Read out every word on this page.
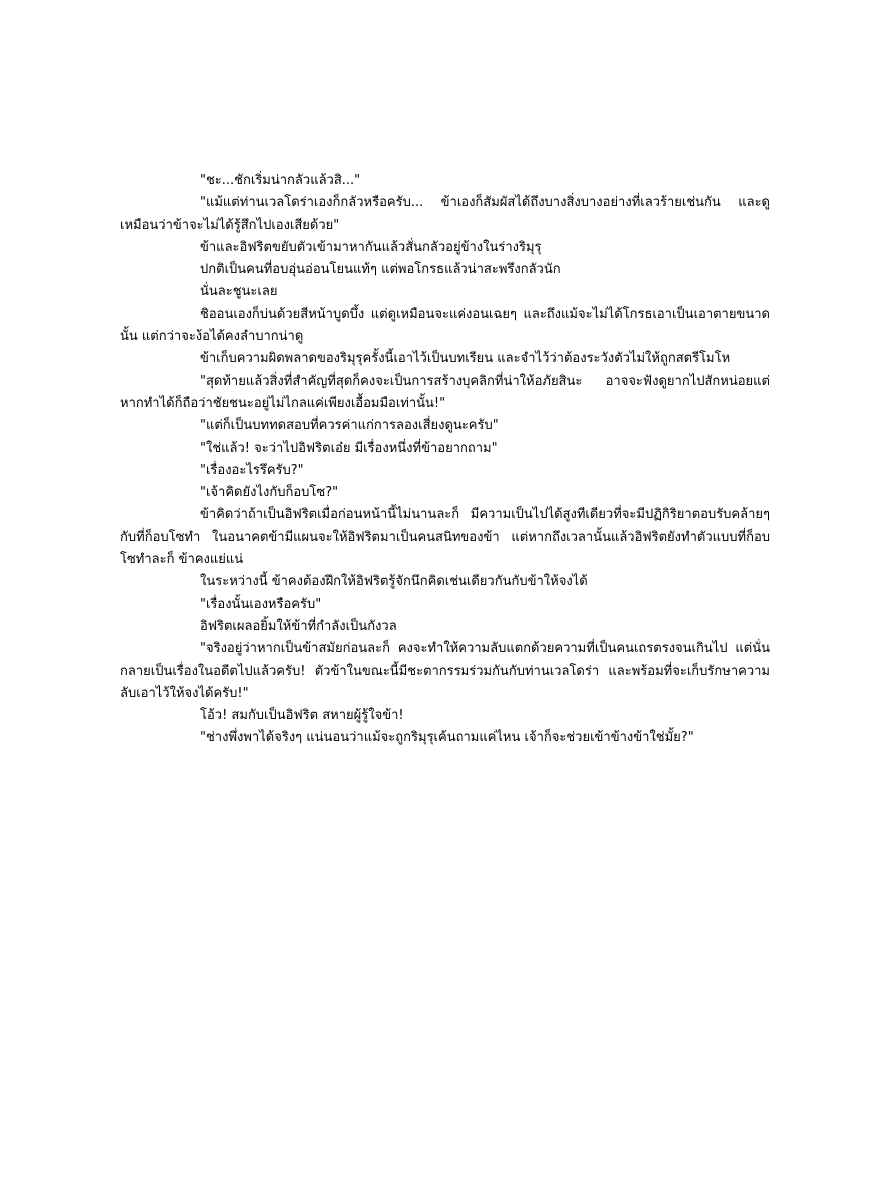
"ชะ...ชักเริ่มน่ากลัวแล้วสิ..."

"แม้แต่ท่านเวลโดร่าเองก็กลัวหรือครับ... ข้าเองก็สัมผัสได้ถึงบางสิ่งบางอย่างที่เลวร้ายเช่นกัน และดูเหมือนว่าข้าจะไม่ได้รู้สึกไปเองเสียด้วย"

ข้าและอิฟริตขยับตัวเข้ามาหากันแล้วสั่นกลัวอยู่ข้างในร่างริมุรุ

ปกติเป็นคนที่อบอุ่นอ่อนโยนแท้ๆ แต่พอโกรธแล้วน่าสะพรึงกลัวนัก

นั่นละชูนะเลย

ชิออนเองก็บ่นด้วยสีหน้าบูดบึ้ง แต่ดูเหมือนจะแค่งอนเฉยๆ และถึงแม้จะไม่ได้โกรธเอาเป็นเอาตายขนาดนั้น แต่กว่าจะง้อได้คงลำบากน่าดู

ข้าเก็บความผิดพลาดของริมุรุครั้งนี้เอาไว้เป็นบทเรียน และจำไว้ว่าต้องระวังตัวไม่ให้ถูกสตรีโมโห

"สุดท้ายแล้วสิ่งที่สำคัญที่สุดก็คงจะเป็นการสร้างบุคลิกที่น่าให้อภัยสินะ อาจจะฟังดูยากไปสักหน่อยแต่หากทำได้ก็ถือว่าชัยชนะอยู่ไม่ไกลแค่เพียงเอื้อมมือเท่านั้น!"

"แต่ก็เป็นบททดสอบที่ควรค่าแก่การลองเสี่ยงดูนะครับ"

"ใช่แล้ว! จะว่าไปอิฟริตเอ๋ย มีเรื่องหนึ่งที่ข้าอยากถาม"

"เรื่องอะไรรึครับ?"

"เจ้าคิดยังไงกับก็อบโซ?"

ข้าคิดว่าถ้าเป็นอิฟริตเมื่อก่อนหน้านี้ไม่นานละก็ มีความเป็นไปได้สูงทีเดียวที่จะมีปฏิกิริยาตอบรับคล้ายๆ กับที่ก็อบโซทำ ในอนาคตข้ามีแผนจะให้อิฟริตมาเป็นคนสนิทของข้า แต่หากถึงเวลานั้นแล้วอิฟริตยังทำตัวแบบที่ก็อบโซทำละก็ ข้าคงแย่แน่

ในระหว่างนี้ ข้าคงต้องฝึกให้อิฟริตรู้จักนึกคิดเช่นเดียวกันกับข้าให้จงได้

"เรื่องนั้นเองหรือครับ"

อิฟริตเผลอยิ้มให้ข้าที่กำลังเป็นกังวล

"จริงอยู่ว่าหากเป็นข้าสมัยก่อนละก็ คงจะทำให้ความลับแตกด้วยความที่เป็นคนเถรตรงจนเกินไป แต่นั่นกลายเป็นเรื่องในอดีตไปแล้วครับ! ตัวข้าในขณะนี้มีชะตากรรมร่วมกันกับท่านเวลโดร่า และพร้อมที่จะเก็บรักษาความลับเอาไว้ให้จงได้ครับ!"

โอ้ว! สมกับเป็นอิฟริต สหายผู้รู้ใจข้า!

"ช่างพึ่งพาได้จริงๆ แน่นอนว่าแม้จะถูกริมุรุเค้นถามแค่ไหน เจ้าก็จะช่วยเข้าข้างข้าใช่มั้ย?"
